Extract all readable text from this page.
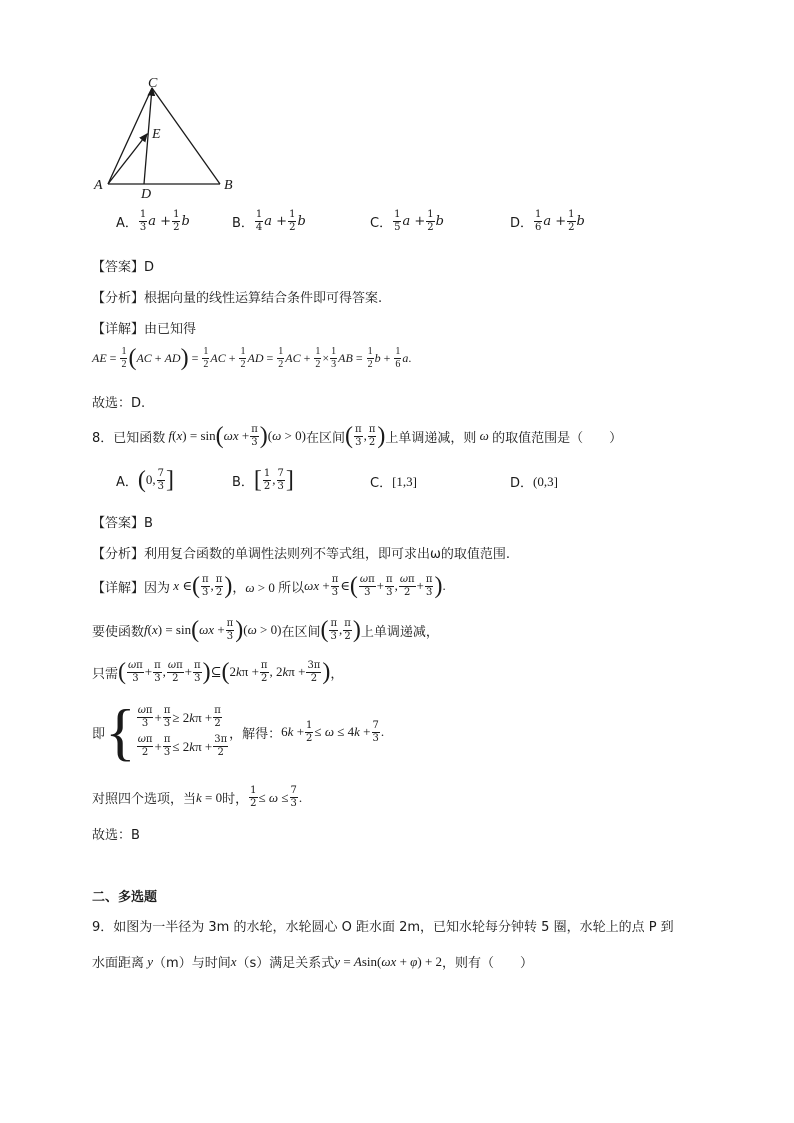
C
E
A
D
B
A． $\frac{1}{3}$ $a + \frac{1}{2}$ b	B． $\frac{1}{4}$ $a + \frac{1}{2}$ b	C． $\frac{1}{5}$ $a + \frac{1}{2}$ b	D． $\frac{1}{6}$ $a + \frac{1}{2}$ b
【答案】D
【分析】根据向量的线性运算结合条件即可得答案.
【详解】由已知得
AE = $\frac{1}{2}$ ( AC + AD ) = $\frac{1}{2}$ AC + $\frac{1}{2}$ AD = $\frac{1}{2}$ AC + $\frac{1}{2} \times \frac{1}{3}$ AB = $\frac{1}{2}$ $b + \frac{1}{6}$ a .
故选：D.
8． 已知函数 f(x) = sin ( $\omega x + \frac{\pi}{3}$ ) (ω > 0) 在区间 ( $\frac{\pi}{3}$ , $\frac{\pi}{2}$ ) 上单调递减，则 ω 的取值范围是（　　）
A． ( 0, $\frac{7}{3}$ ]	B． [ $\frac{1}{2}$ , $\frac{7}{3}$ ]	C． [1,3]	D． (0,3]
【答案】B
【分析】利用复合函数的单调性法则列不等式组，即可求出ω的取值范围.
【详解】 因为 x ∈ ( $\frac{\pi}{3}$ , $\frac{\pi}{2}$ ) ，ω > 0 所以 $\omega x + \frac{\pi}{3}$ ∈ ( $\frac{\omega\pi}{3} + \frac{\pi}{3}$ , $\frac{\omega\pi}{2} + \frac{\pi}{3}$ ) .
要使函数 f(x) = sin ( $\omega x + \frac{\pi}{3}$ ) (ω > 0) 在区间 ( $\frac{\pi}{3}$ , $\frac{\pi}{2}$ ) 上单调递减，
只需 ( $\frac{\omega\pi}{3} + \frac{\pi}{3}$ , $\frac{\omega\pi}{2} + \frac{\pi}{3}$ ) ⊆ ( $2k\pi + \frac{\pi}{2}$ , $2k\pi + \frac{3\pi}{2}$ ) ，
即 { $\frac{\omega\pi}{3} + \frac{\pi}{3} \ge 2k\pi + \frac{\pi}{2}$
$\frac{\omega\pi}{2} + \frac{\pi}{3} \le 2k\pi + \frac{3\pi}{2}$
，解得： $6k + \frac{1}{2} \le \omega \le 4k + \frac{7}{3}$ .
对照四个选项，当 k = 0 时， $\frac{1}{2} \le \omega \le \frac{7}{3}$ .
故选：B
二、多选题
9．如图为一半径为 3m 的水轮，水轮圆心 O 距水面 2m，已知水轮每分钟转 5 圈，水轮上的点 P 到
水面距离
y （m）与时间 x （s）满足关系式 y = Asin(ωx + φ) + 2 ，则有（　　）
